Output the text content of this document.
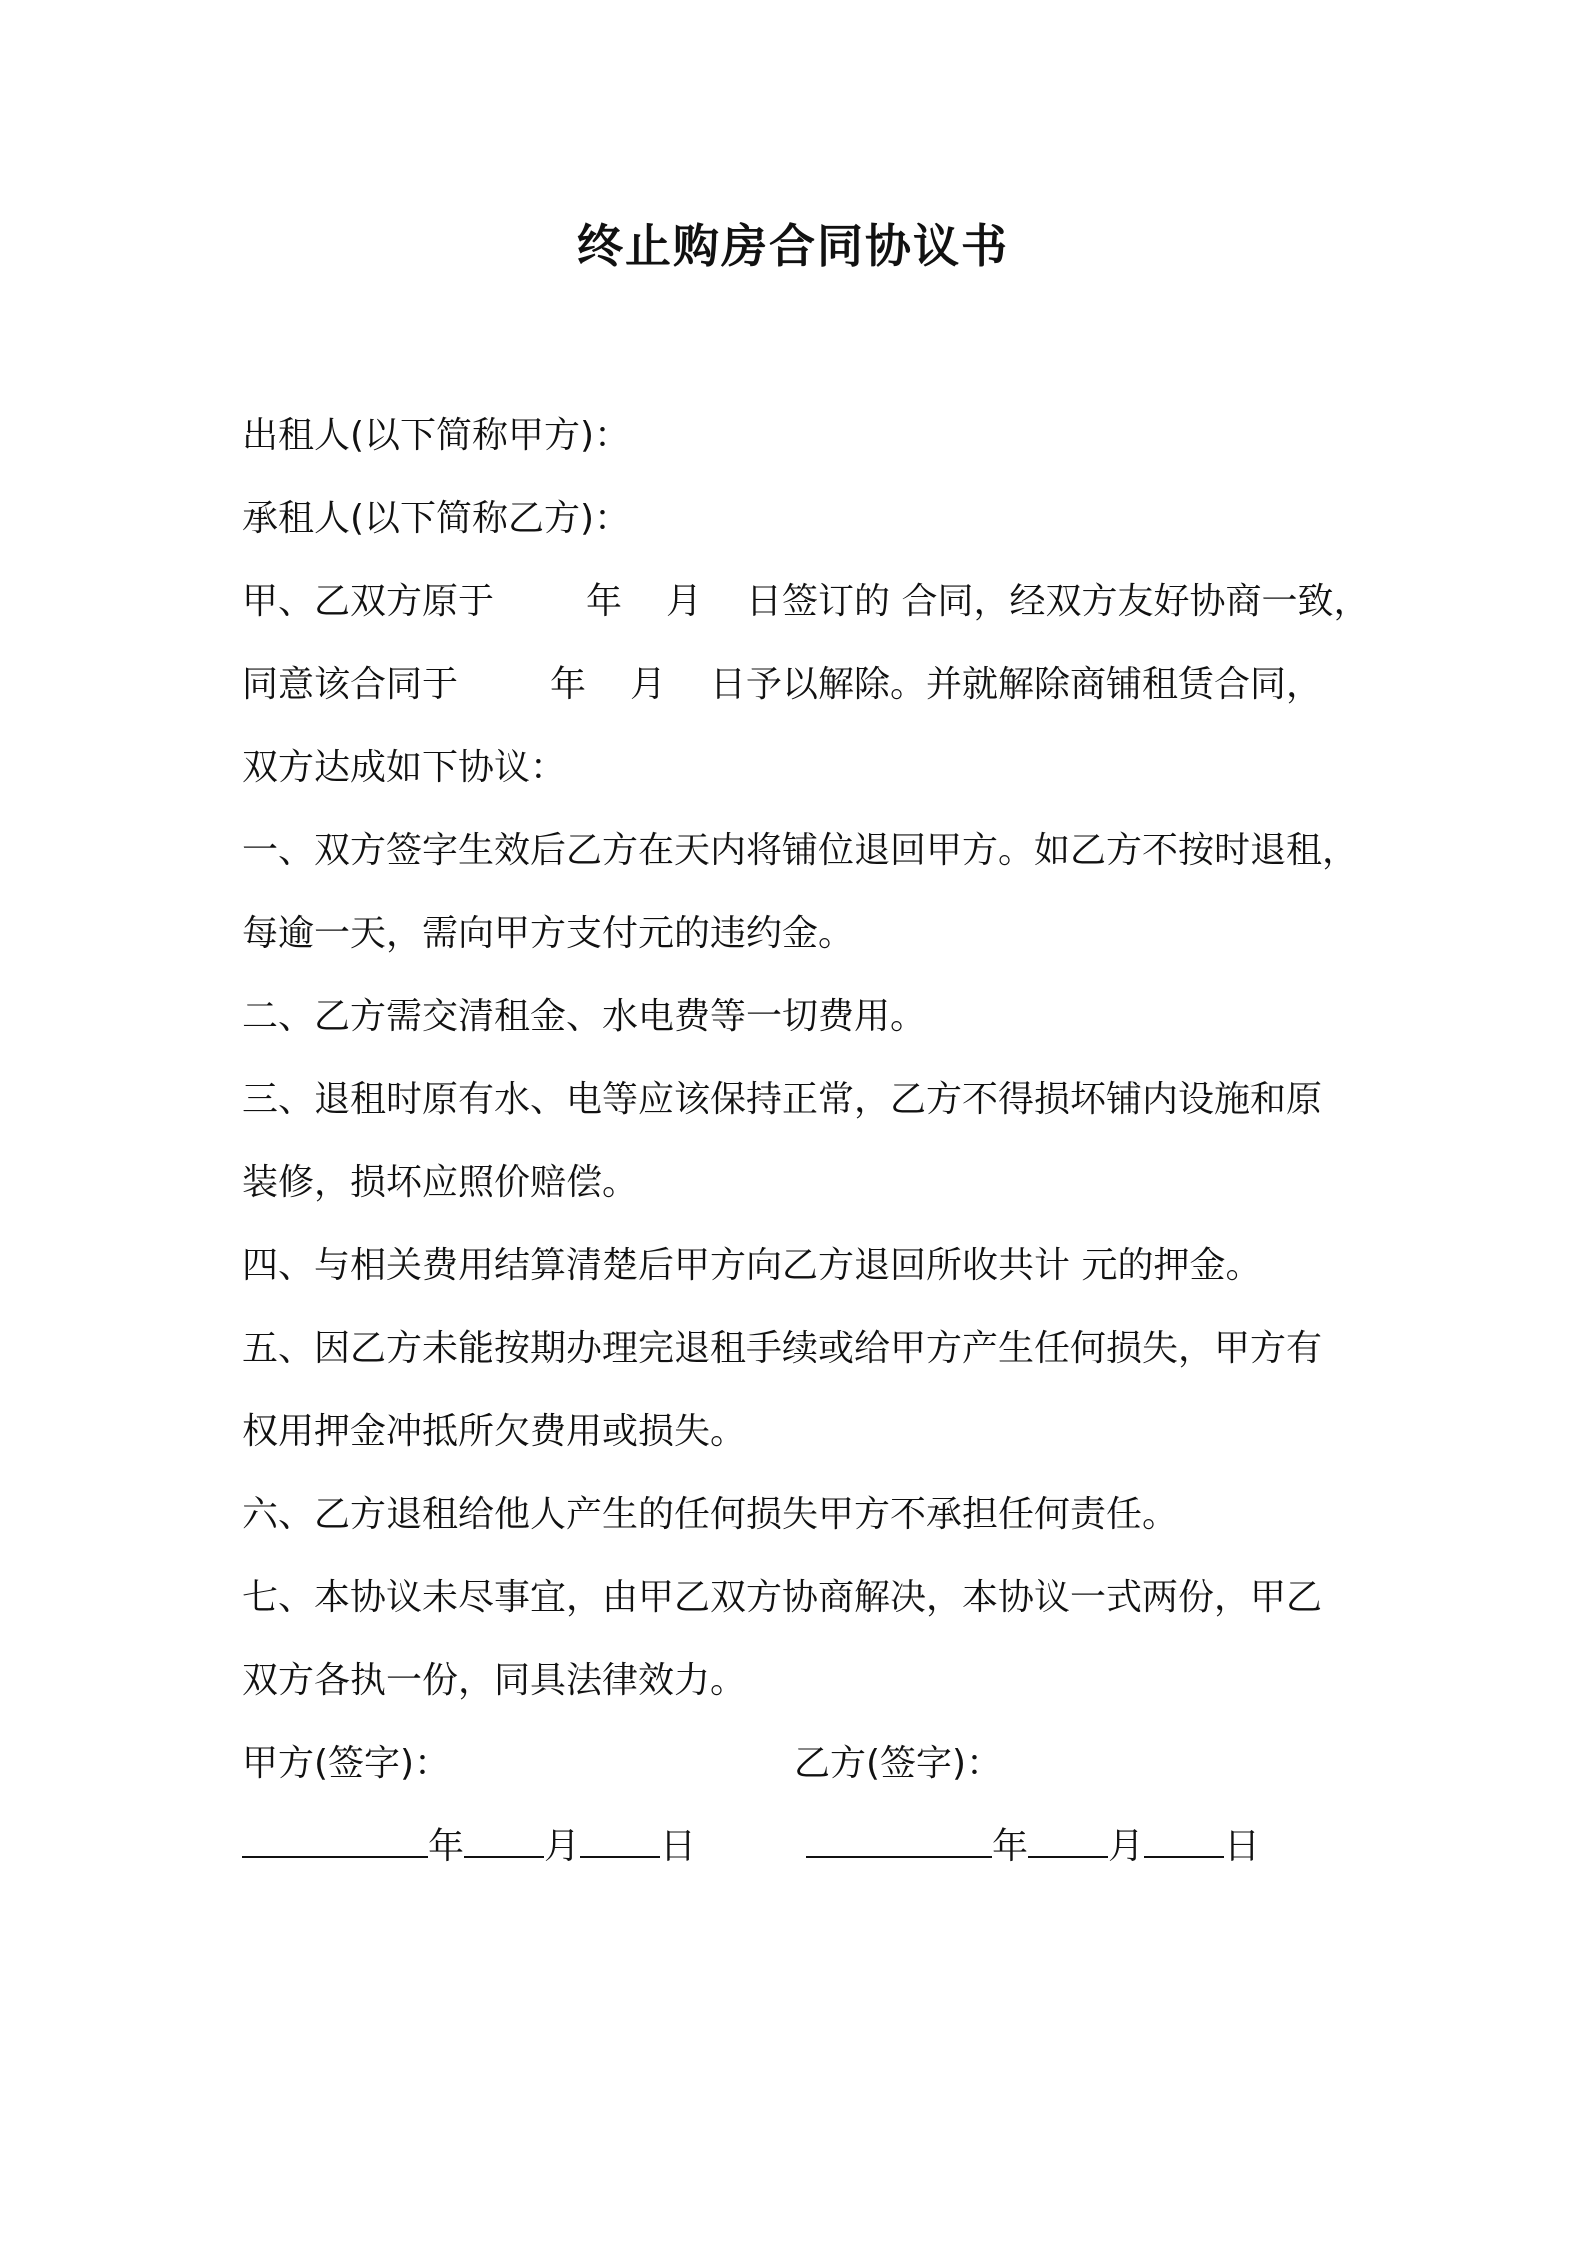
终止购房合同协议书
出租人(以下简称甲方)：
承租人(以下简称乙方)：
甲、乙双方原于	年 月 日签订的 合同，经双方友好协商一致，
同意该合同于	年 月 日予以解除。并就解除商铺租赁合同，
双方达成如下协议：
一、双方签字生效后乙方在天内将铺位退回甲方。如乙方不按时退租，
每逾一天，需向甲方支付元的违约金。
二、乙方需交清租金、水电费等一切费用。
三、退租时原有水、电等应该保持正常，乙方不得损坏铺内设施和原
装修，损坏应照价赔偿。
四、与相关费用结算清楚后甲方向乙方退回所收共计 元的押金。
五、因乙方未能按期办理完退租手续或给甲方产生任何损失，甲方有
权用押金冲抵所欠费用或损失。
六、乙方退租给他人产生的任何损失甲方不承担任何责任。
七、本协议未尽事宜，由甲乙双方协商解决，本协议一式两份，甲乙
双方各执一份，同具法律效力。
甲方(签字)：	乙方(签字)：
年 月 日	年 月 日
